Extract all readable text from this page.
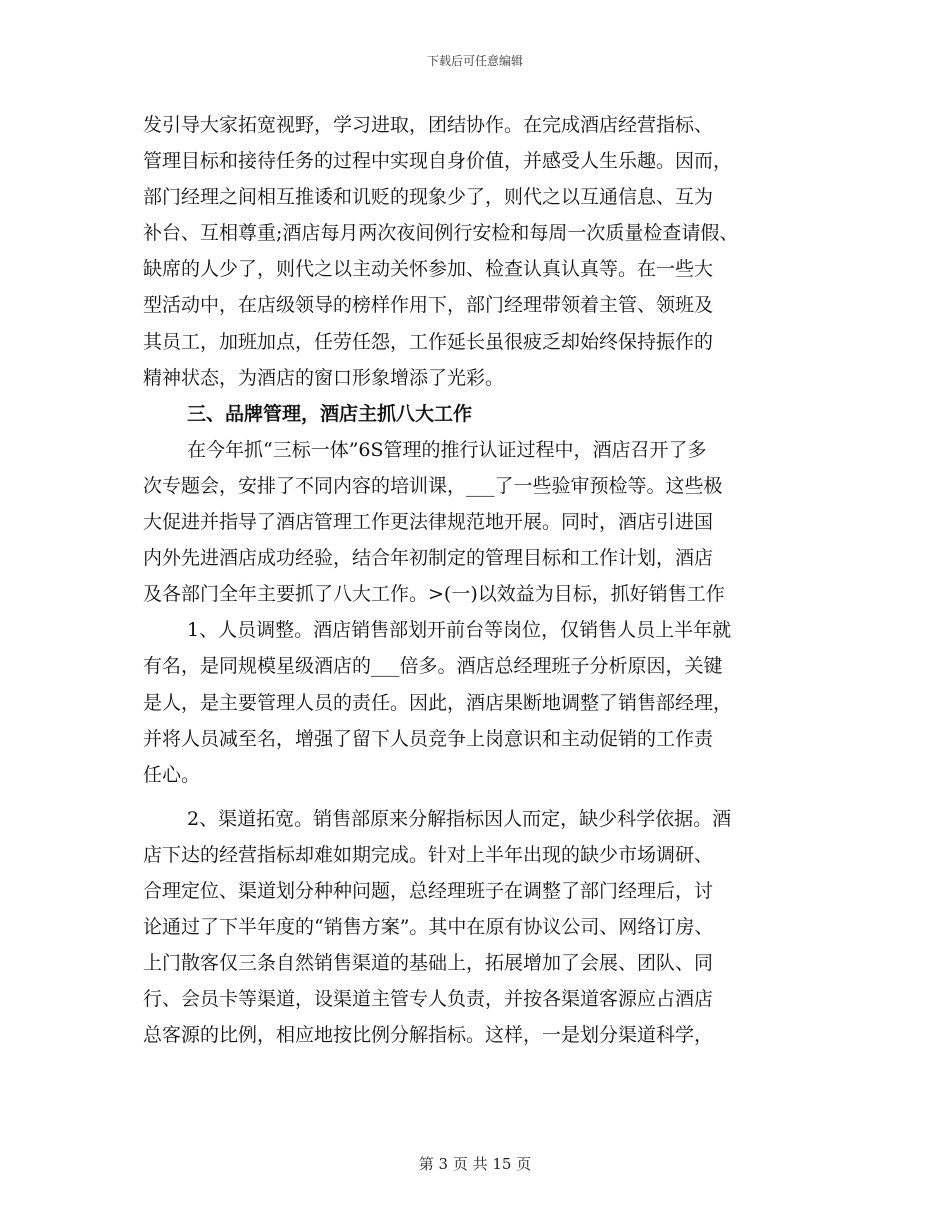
下载后可任意编辑
发引导大家拓宽视野，学习进取，团结协作。在完成酒店经营指标、
管理目标和接待任务的过程中实现自身价值，并感受人生乐趣。因而，
部门经理之间相互推诿和讥贬的现象少了，则代之以互通信息、互为
补台、互相尊重;酒店每月两次夜间例行安检和每周一次质量检查请假、
缺席的人少了，则代之以主动关怀参加、检查认真认真等。在一些大
型活动中，在店级领导的榜样作用下，部门经理带领着主管、领班及
其员工，加班加点，任劳任怨，工作延长虽很疲乏却始终保持振作的
精神状态，为酒店的窗口形象增添了光彩。
三、品牌管理，酒店主抓八大工作
在今年抓“三标一体”6S管理的推行认证过程中，酒店召开了多
次专题会，安排了不同内容的培训课，___了一些验审预检等。这些极
大促进并指导了酒店管理工作更法律规范地开展。同时，酒店引进国
内外先进酒店成功经验，结合年初制定的管理目标和工作计划，酒店
及各部门全年主要抓了八大工作。>(一)以效益为目标，抓好销售工作
1、人员调整。酒店销售部划开前台等岗位，仅销售人员上半年就
有名，是同规模星级酒店的___倍多。酒店总经理班子分析原因，关键
是人，是主要管理人员的责任。因此，酒店果断地调整了销售部经理，
并将人员减至名，增强了留下人员竞争上岗意识和主动促销的工作责
任心。
2、渠道拓宽。销售部原来分解指标因人而定，缺少科学依据。酒
店下达的经营指标却难如期完成。针对上半年出现的缺少市场调研、
合理定位、渠道划分种种问题，总经理班子在调整了部门经理后，讨
论通过了下半年度的“销售方案”。其中在原有协议公司、网络订房、
上门散客仅三条自然销售渠道的基础上，拓展增加了会展、团队、同
行、会员卡等渠道，设渠道主管专人负责，并按各渠道客源应占酒店
总客源的比例，相应地按比例分解指标。这样，一是划分渠道科学，
第 3 页 共 15 页
